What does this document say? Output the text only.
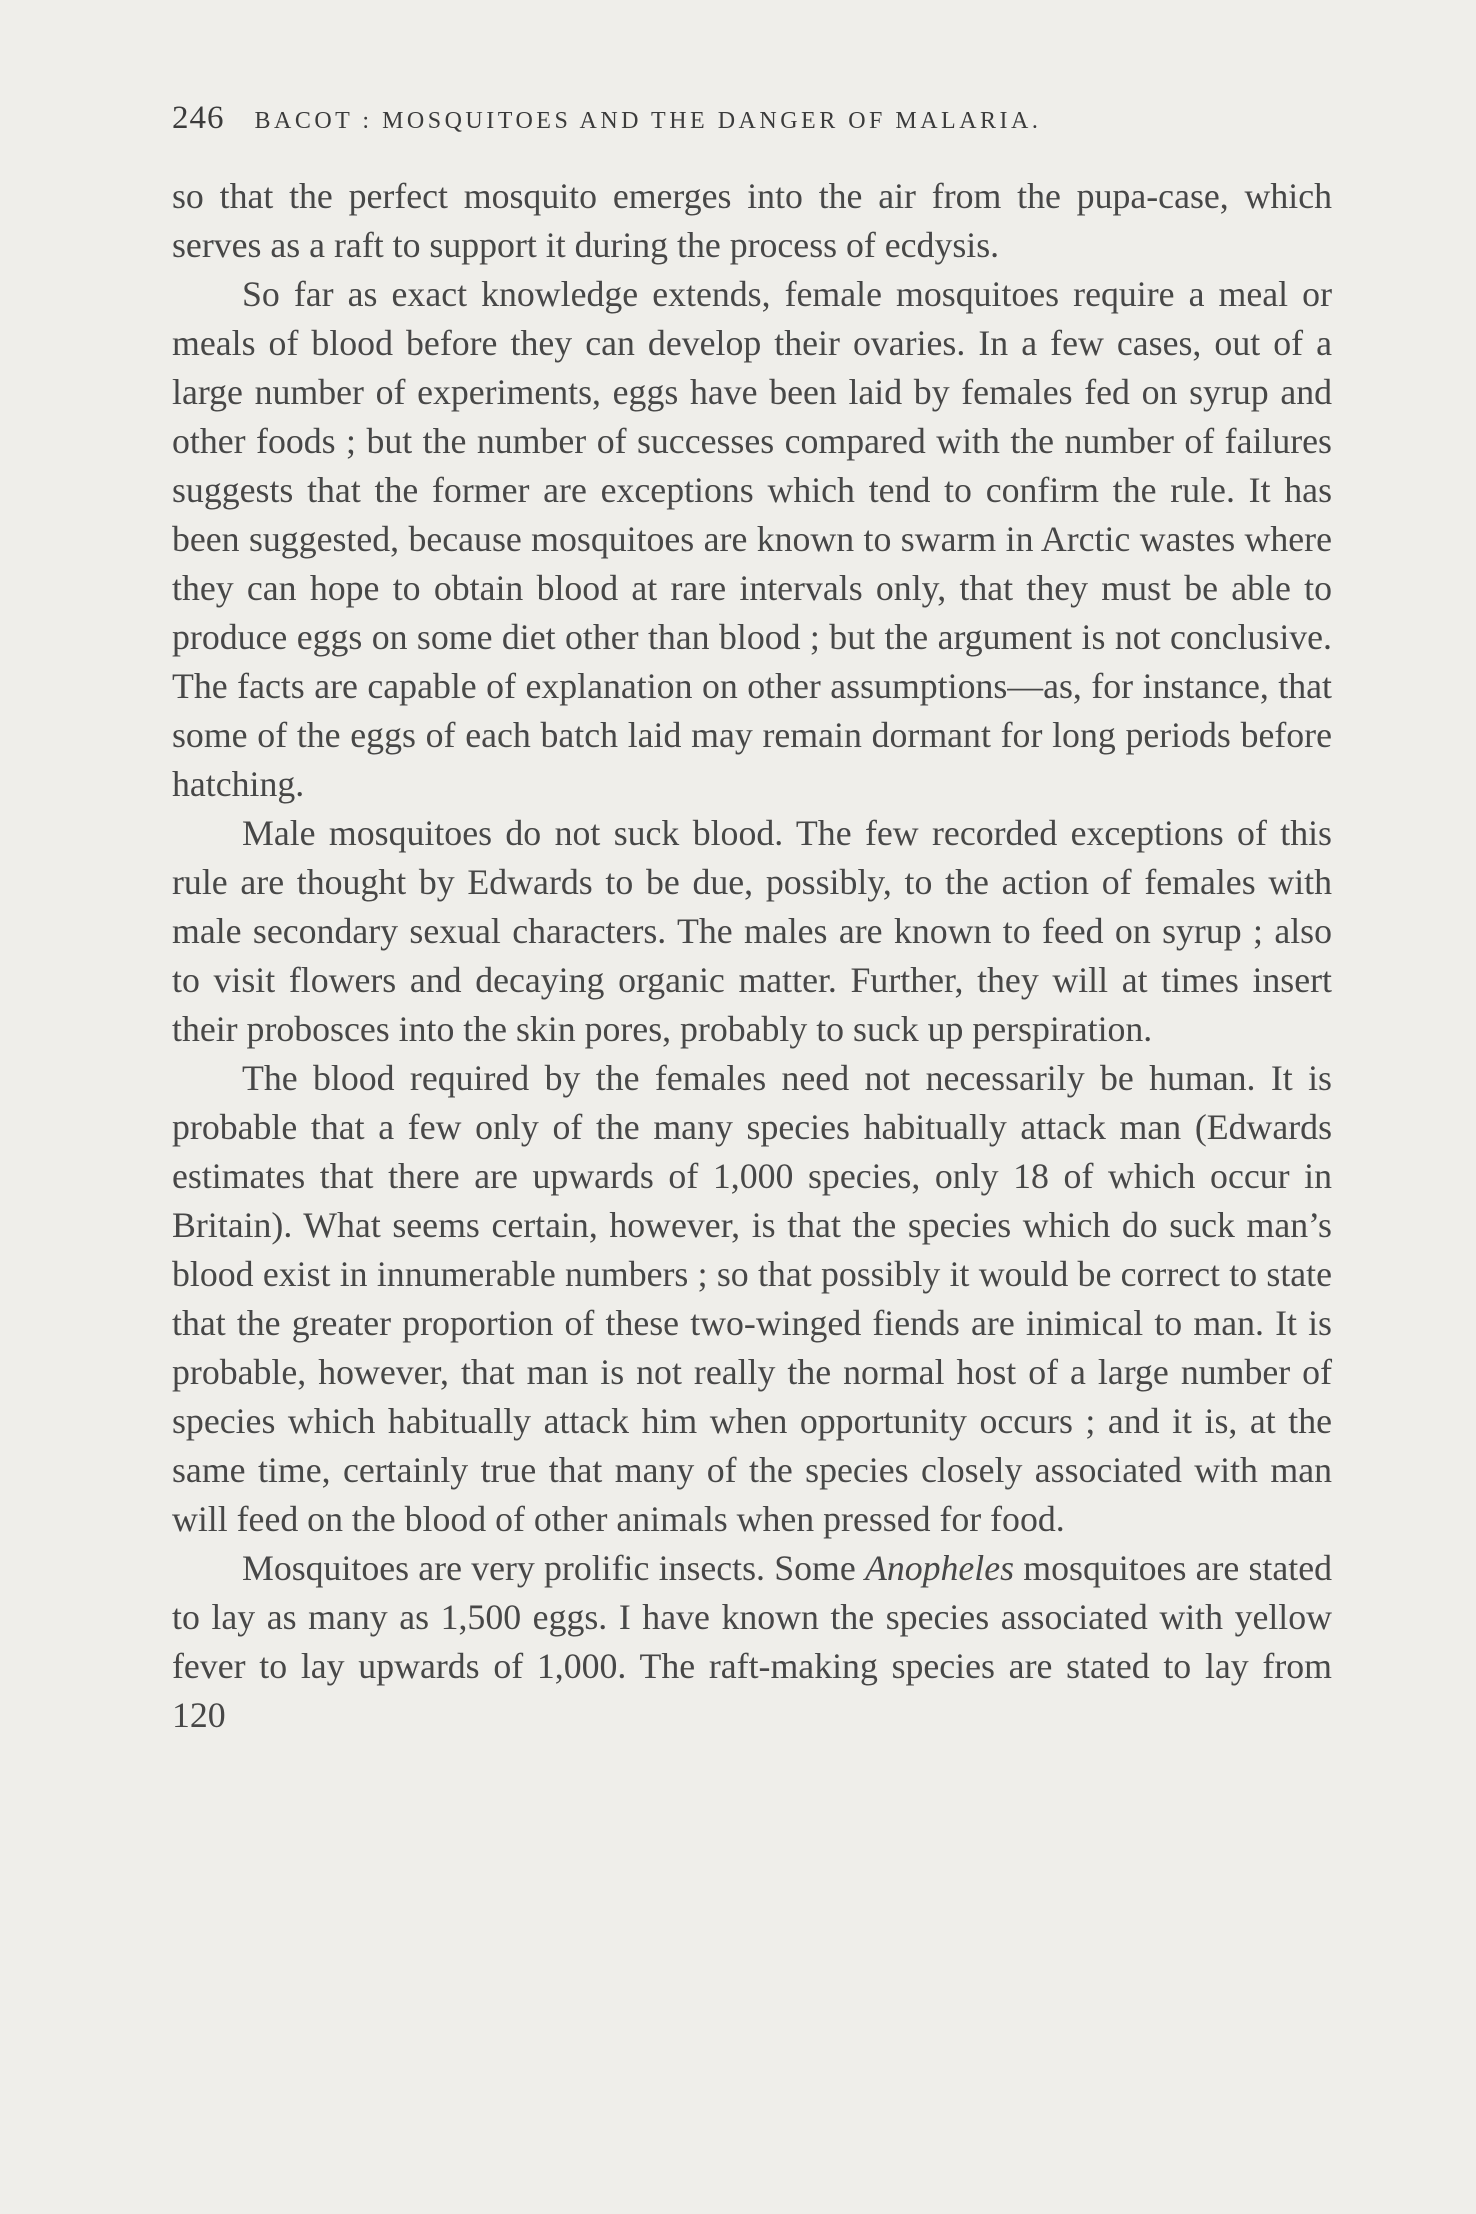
246 BACOT : MOSQUITOES AND THE DANGER OF MALARIA.

so that the perfect mosquito emerges into the air from the pupa-case, which serves as a raft to support it during the process of ecdysis.

So far as exact knowledge extends, female mosquitoes require a meal or meals of blood before they can develop their ovaries. In a few cases, out of a large number of experiments, eggs have been laid by females fed on syrup and other foods ; but the number of successes compared with the number of failures suggests that the former are exceptions which tend to confirm the rule. It has been suggested, because mosquitoes are known to swarm in Arctic wastes where they can hope to obtain blood at rare intervals only, that they must be able to produce eggs on some diet other than blood ; but the argument is not conclusive. The facts are capable of explanation on other assumptions—as, for instance, that some of the eggs of each batch laid may remain dormant for long periods before hatching.

Male mosquitoes do not suck blood. The few recorded exceptions of this rule are thought by Edwards to be due, possibly, to the action of females with male secondary sexual characters. The males are known to feed on syrup ; also to visit flowers and decaying organic matter. Further, they will at times insert their probosces into the skin pores, probably to suck up perspiration.

The blood required by the females need not necessarily be human. It is probable that a few only of the many species habitually attack man (Edwards estimates that there are upwards of 1,000 species, only 18 of which occur in Britain). What seems certain, however, is that the species which do suck man’s blood exist in innumerable numbers ; so that possibly it would be correct to state that the greater proportion of these two-winged fiends are inimical to man. It is probable, however, that man is not really the normal host of a large number of species which habitually attack him when opportunity occurs ; and it is, at the same time, certainly true that many of the species closely associated with man will feed on the blood of other animals when pressed for food.

Mosquitoes are very prolific insects. Some Anopheles mosquitoes are stated to lay as many as 1,500 eggs. I have known the species associated with yellow fever to lay upwards of 1,000. The raft-making species are stated to lay from 120
